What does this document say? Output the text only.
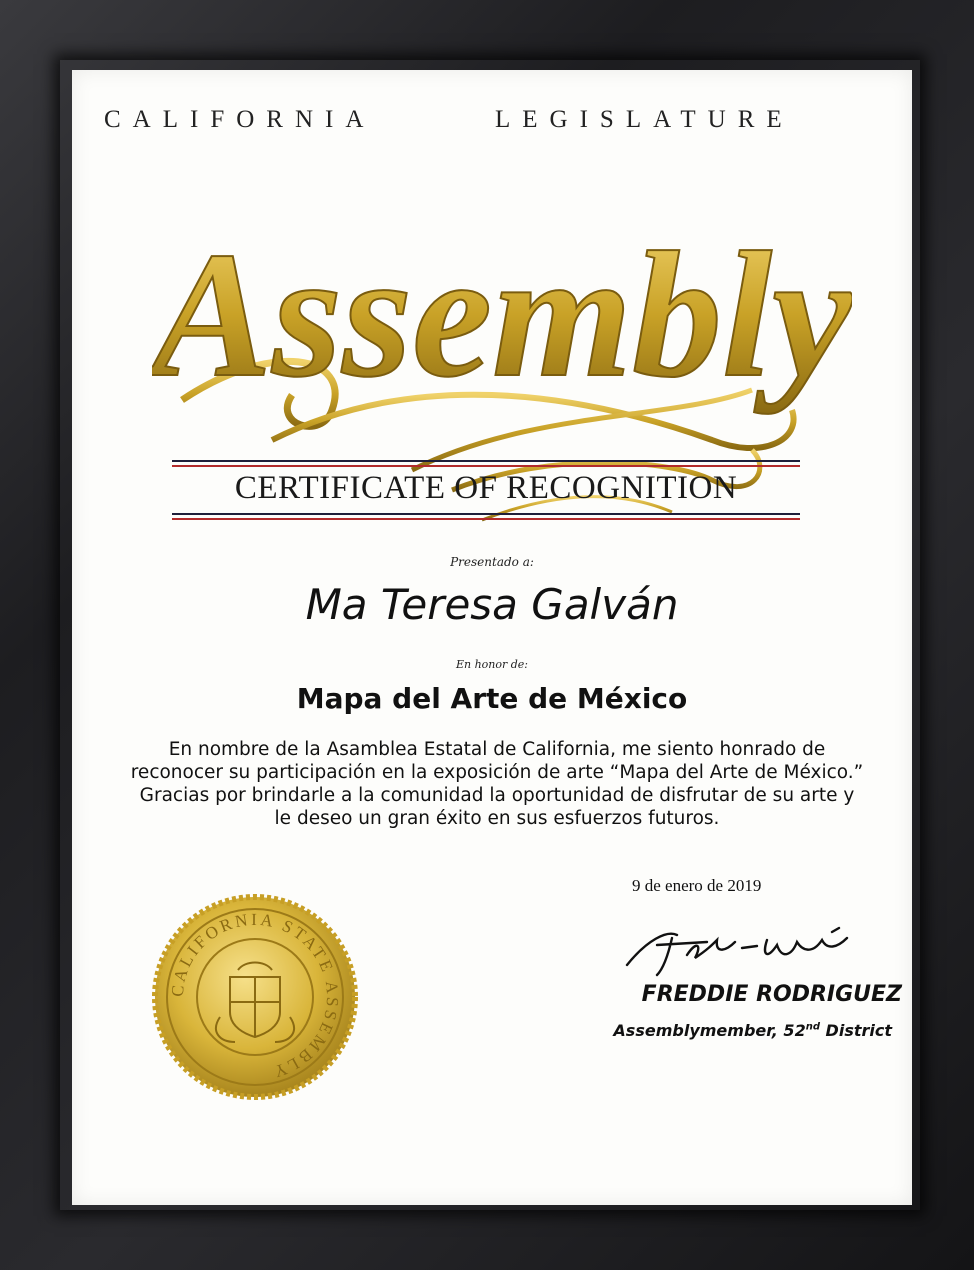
CALIFORNIA	LEGISLATURE
Assembly
CERTIFICATE OF RECOGNITION
Presentado a:
Ma Teresa Galván
En honor de:
Mapa del Arte de México
En nombre de la Asamblea Estatal de California, me siento honrado de
reconocer su participación en la exposición de arte “Mapa del Arte de México.”
Gracias por brindarle a la comunidad la oportunidad de disfrutar de su arte y
le deseo un gran éxito en sus esfuerzos futuros.
9 de enero de 2019
FREDDIE RODRIGUEZ
Assemblymember, 52nd District
CALIFORNIA STATE ASSEMBLY
